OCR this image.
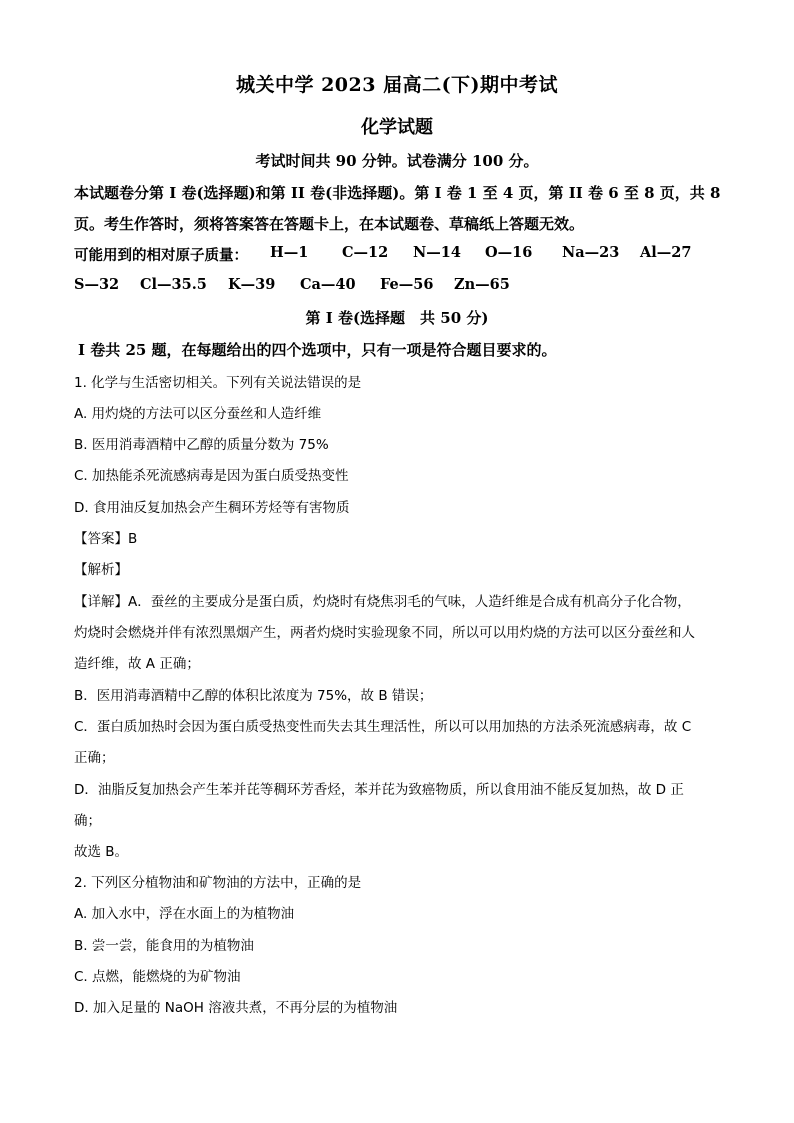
城关中学 2023 届高二(下)期中考试
化学试题
考试时间共 90 分钟。试卷满分 100 分。
本试题卷分第 I 卷(选择题)和第 II 卷(非选择题)。第 I 卷 1 至 4 页，第 II 卷 6 至 8 页，共 8
页。考生作答时，须将答案答在答题卡上，在本试题卷、草稿纸上答题无效。
可能用到的相对原子质量： H—1 C—12 N—14 O—16 Na—23 Al—27
S—32 Cl—35.5 K—39 Ca—40 Fe—56 Zn—65
第 I 卷(选择题　共 50 分)
I 卷共 25 题，在每题给出的四个选项中，只有一项是符合题目要求的。
1. 化学与生活密切相关。下列有关说法错误的是
A. 用灼烧的方法可以区分蚕丝和人造纤维
B. 医用消毒酒精中乙醇的质量分数为 75%
C. 加热能杀死流感病毒是因为蛋白质受热变性
D. 食用油反复加热会产生稠环芳烃等有害物质
【答案】B
【解析】
【详解】A．蚕丝的主要成分是蛋白质，灼烧时有烧焦羽毛的气味，人造纤维是合成有机高分子化合物，
灼烧时会燃烧并伴有浓烈黑烟产生，两者灼烧时实验现象不同，所以可以用灼烧的方法可以区分蚕丝和人
造纤维，故 A 正确；
B．医用消毒酒精中乙醇的体积比浓度为 75%，故 B 错误；
C．蛋白质加热时会因为蛋白质受热变性而失去其生理活性，所以可以用加热的方法杀死流感病毒，故 C
正确；
D．油脂反复加热会产生苯并芘等稠环芳香烃，苯并芘为致癌物质，所以食用油不能反复加热，故 D 正
确；
故选 B。
2. 下列区分植物油和矿物油的方法中，正确的是
A. 加入水中，浮在水面上的为植物油
B. 尝一尝，能食用的为植物油
C. 点燃，能燃烧的为矿物油
D. 加入足量的 NaOH 溶液共煮，不再分层的为植物油
